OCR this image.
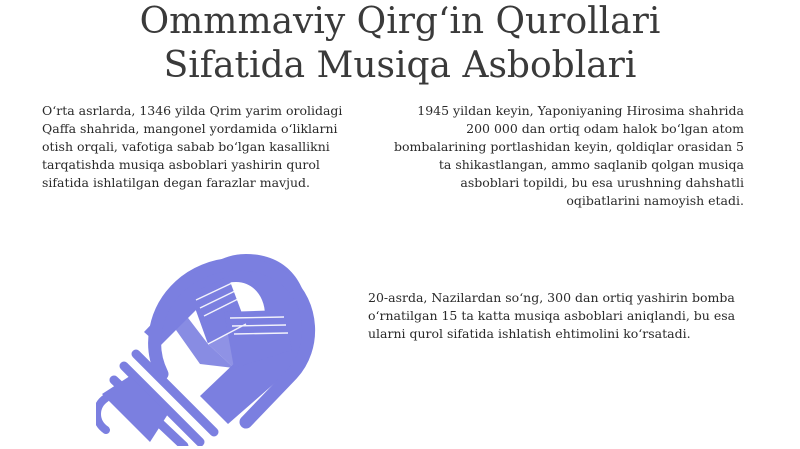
Ommmaviy Qirg‘in Qurollari
Sifatida Musiqa Asboblari

O‘rta asrlarda, 1346 yilda Qrim yarim orolidagi Qaffa shahrida, mangonel yordamida o‘liklarni otish orqali, vafotiga sabab bo‘lgan kasallikni tarqatishda musiqa asboblari yashirin qurol sifatida ishlatilgan degan farazlar mavjud.

1945 yildan keyin, Yaponiyaning Hirosima shahrida 200 000 dan ortiq odam halok bo‘lgan atom bombalarining portlashidan keyin, qoldiqlar orasidan 5 ta shikastlangan, ammo saqlanib qolgan musiqa asboblari topildi, bu esa urushning dahshatli oqibatlarini namoyish etadi.

20-asrda, Nazilardan so‘ng, 300 dan ortiq yashirin bomba o‘rnatilgan 15 ta katta musiqa asboblari aniqlandi, bu esa ularni qurol sifatida ishlatish ehtimolini ko‘rsatadi.
